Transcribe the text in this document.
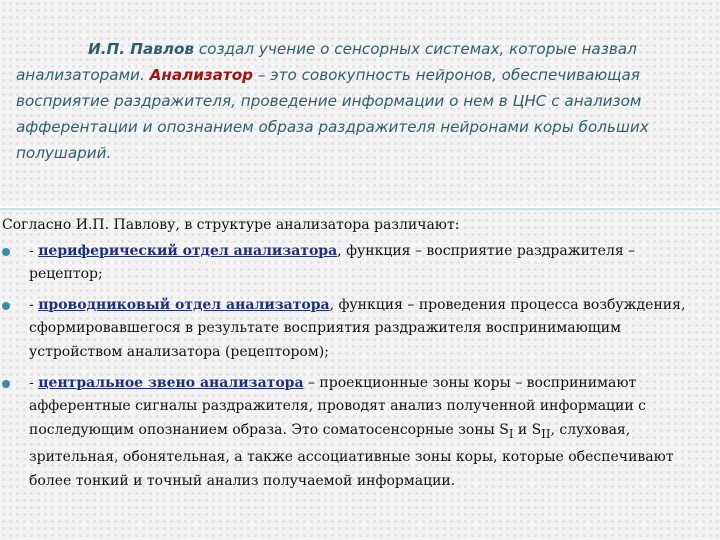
И.П. Павлов создал учение о сенсорных системах, которые назвал анализаторами. Анализатор – это совокупность нейронов, обеспечивающая восприятие раздражителя, проведение информации о нем в ЦНС с анализом афферентации и опознанием образа раздражителя нейронами коры больших полушарий.

Согласно И.П. Павлову, в структуре анализатора различают:

- периферический отдел анализатора, функция – восприятие раздражителя – рецептор;
- проводниковый отдел анализатора, функция – проведения процесса возбуждения, сформировавшегося в результате восприятия раздражителя воспринимающим устройством анализатора (рецептором);
- центральное звено анализатора – проекционные зоны коры – воспринимают афферентные сигналы раздражителя, проводят анализ полученной информации с последующим опознанием образа. Это соматосенсорные зоны $S_I$ и $S_{II}$, слуховая, зрительная, обонятельная, а также ассоциативные зоны коры, которые обеспечивают более тонкий и точный анализ получаемой информации.
